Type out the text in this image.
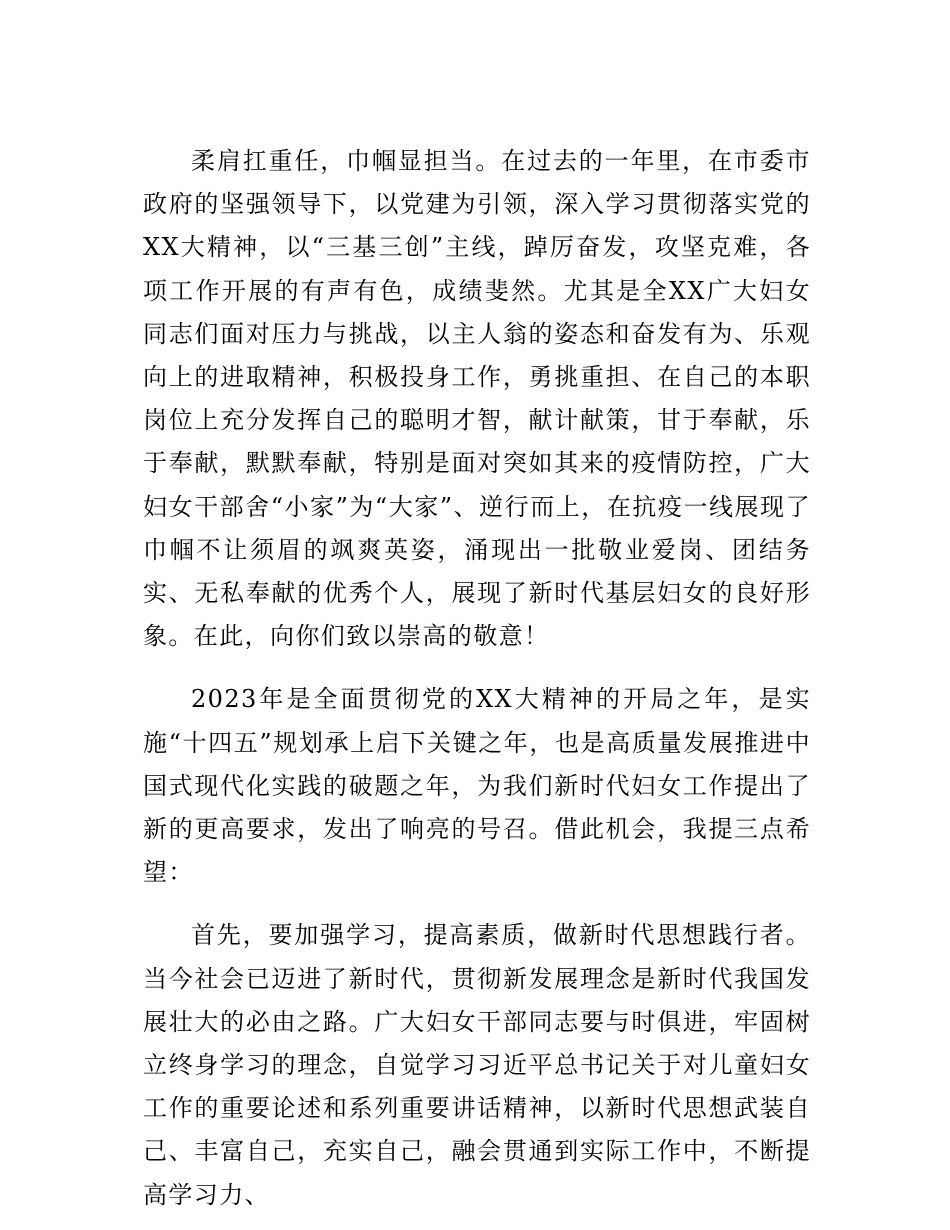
柔肩扛重任，巾帼显担当。在过去的一年里，在市委市政府的坚强领导下，以党建为引领，深入学习贯彻落实党的XX大精神，以“三基三创”主线，踔厉奋发，攻坚克难，各项工作开展的有声有色，成绩斐然。尤其是全XX广大妇女同志们面对压力与挑战，以主人翁的姿态和奋发有为、乐观向上的进取精神，积极投身工作，勇挑重担、在自己的本职岗位上充分发挥自己的聪明才智，献计献策，甘于奉献，乐于奉献，默默奉献，特别是面对突如其来的疫情防控，广大妇女干部舍“小家”为“大家”、逆行而上，在抗疫一线展现了巾帼不让须眉的飒爽英姿，涌现出一批敬业爱岗、团结务实、无私奉献的优秀个人，展现了新时代基层妇女的良好形象。在此，向你们致以崇高的敬意！

2023年是全面贯彻党的XX大精神的开局之年，是实施“十四五”规划承上启下关键之年，也是高质量发展推进中国式现代化实践的破题之年，为我们新时代妇女工作提出了新的更高要求，发出了响亮的号召。借此机会，我提三点希望：

首先，要加强学习，提高素质，做新时代思想践行者。当今社会已迈进了新时代，贯彻新发展理念是新时代我国发展壮大的必由之路。广大妇女干部同志要与时俱进，牢固树立终身学习的理念，自觉学习习近平总书记关于对儿童妇女工作的重要论述和系列重要讲话精神，以新时代思想武装自己、丰富自己，充实自己，融会贯通到实际工作中，不断提高学习力、
